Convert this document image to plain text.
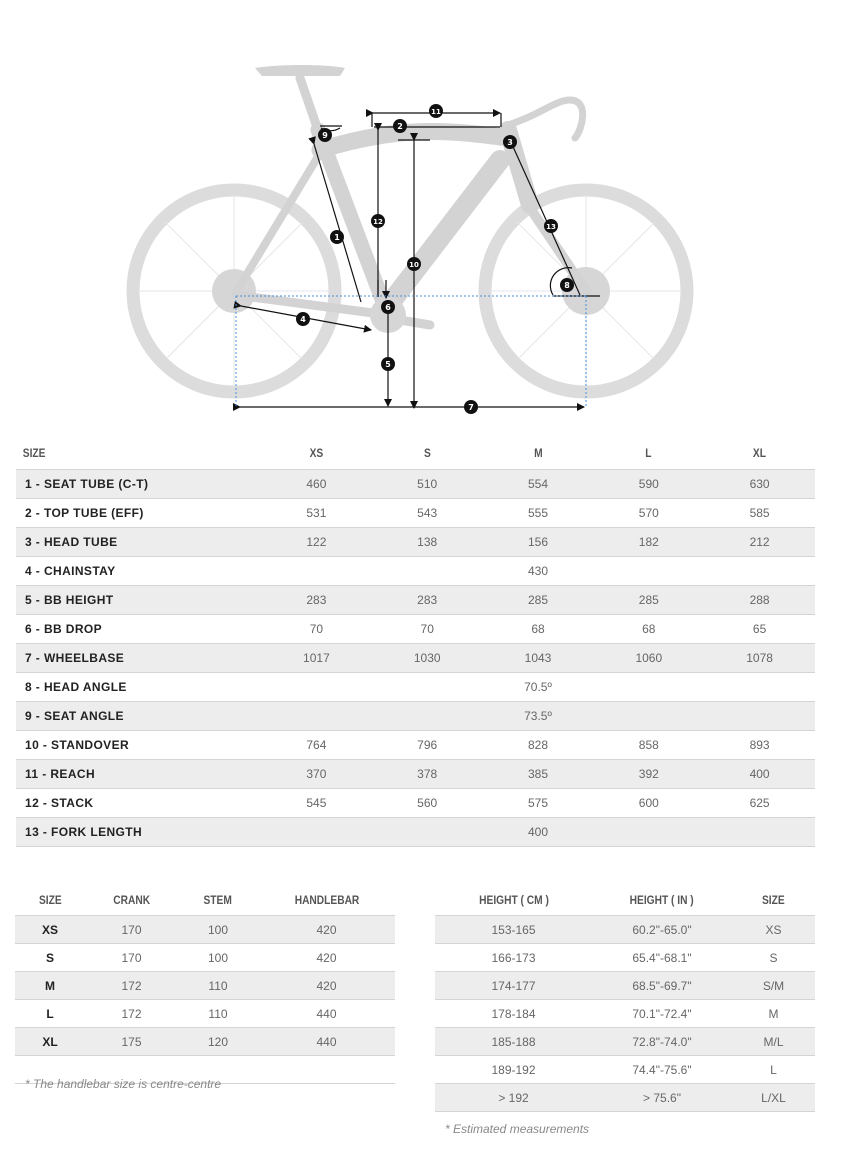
1
2
3
4
5
6
7
8
9
10
11
12
13
SIZE	XS	S	M	L	XL
1 - SEAT TUBE (C-T)	460	510	554	590	630
2 - TOP TUBE (EFF)	531	543	555	570	585
3 - HEAD TUBE	122	138	156	182	212
4 - CHAINSTAY	430				
5 - BB HEIGHT	283	283	285	285	288
6 - BB DROP	70	70	68	68	65
7 - WHEELBASE	1017	1030	1043	1060	1078
8 - HEAD ANGLE	70.5º				
9 - SEAT ANGLE	73.5º				
10 - STANDOVER	764	796	828	858	893
11 - REACH	370	378	385	392	400
12 - STACK	545	560	575	600	625
13 - FORK LENGTH	400				
SIZE	CRANK	STEM	HANDLEBAR
XS	170	100	420
S	170	100	420
M	172	110	420
L	172	110	440
XL	175	120	440

* The handlebar size is centre-centre
HEIGHT ( CM )	HEIGHT ( IN )	SIZE
153-165	60.2"-65.0"	XS
166-173	65.4"-68.1"	S
174-177	68.5"-69.7"	S/M
178-184	70.1"-72.4"	M
185-188	72.8"-74.0"	M/L
189-192	74.4"-75.6"	L
> 192	> 75.6"	L/XL
* Estimated measurements
